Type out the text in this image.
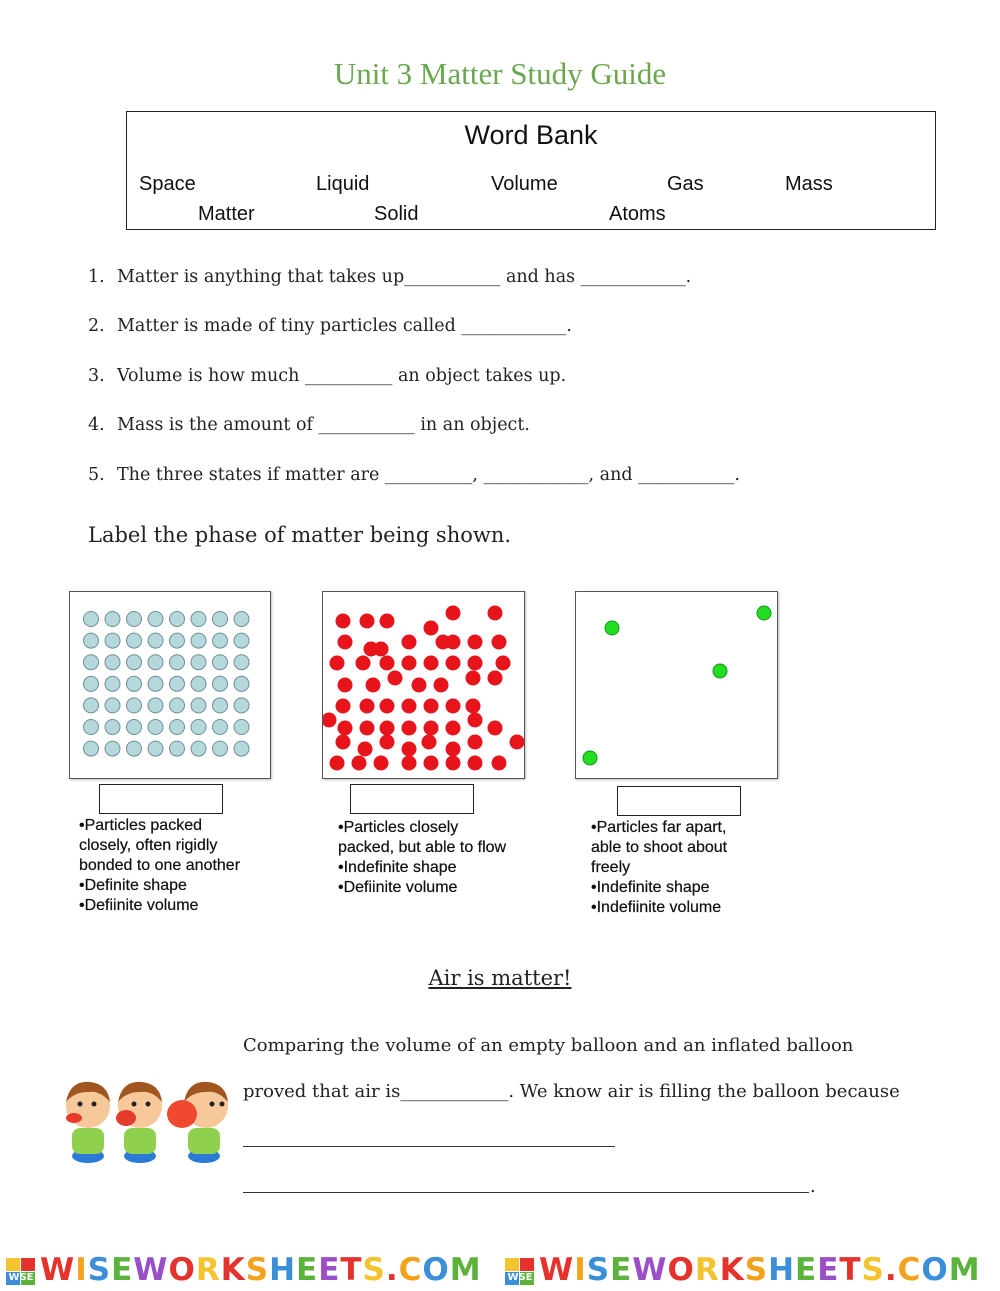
Unit 3 Matter Study Guide
Word Bank
Space	Liquid	Volume	Gas	Mass
Matter	Solid	Atoms
1. Matter is anything that takes up___________ and has ____________.
2. Matter is made of tiny particles called ____________.
3. Volume is how much __________ an object takes up.
4. Mass is the amount of ___________ in an object.
5. The three states if matter are __________, ____________, and ___________.
Label the phase of matter being shown.
•Particles packed
closely, often rigidly
bonded to one another
•Definite shape
•Defiinite volume
•Particles closely
packed, but able to flow
•Indefinite shape
•Defiinite volume
•Particles far apart,
able to shoot about
freely
•Indefinite shape
•Indefiinite volume
Air is matter!
Comparing the volume of an empty balloon and an inflated balloon
proved that air is____________. We know air is filling the balloon because
.
WSE WISEWORKSHEETS.COM	WSE WISEWORKSHEETS.COM
